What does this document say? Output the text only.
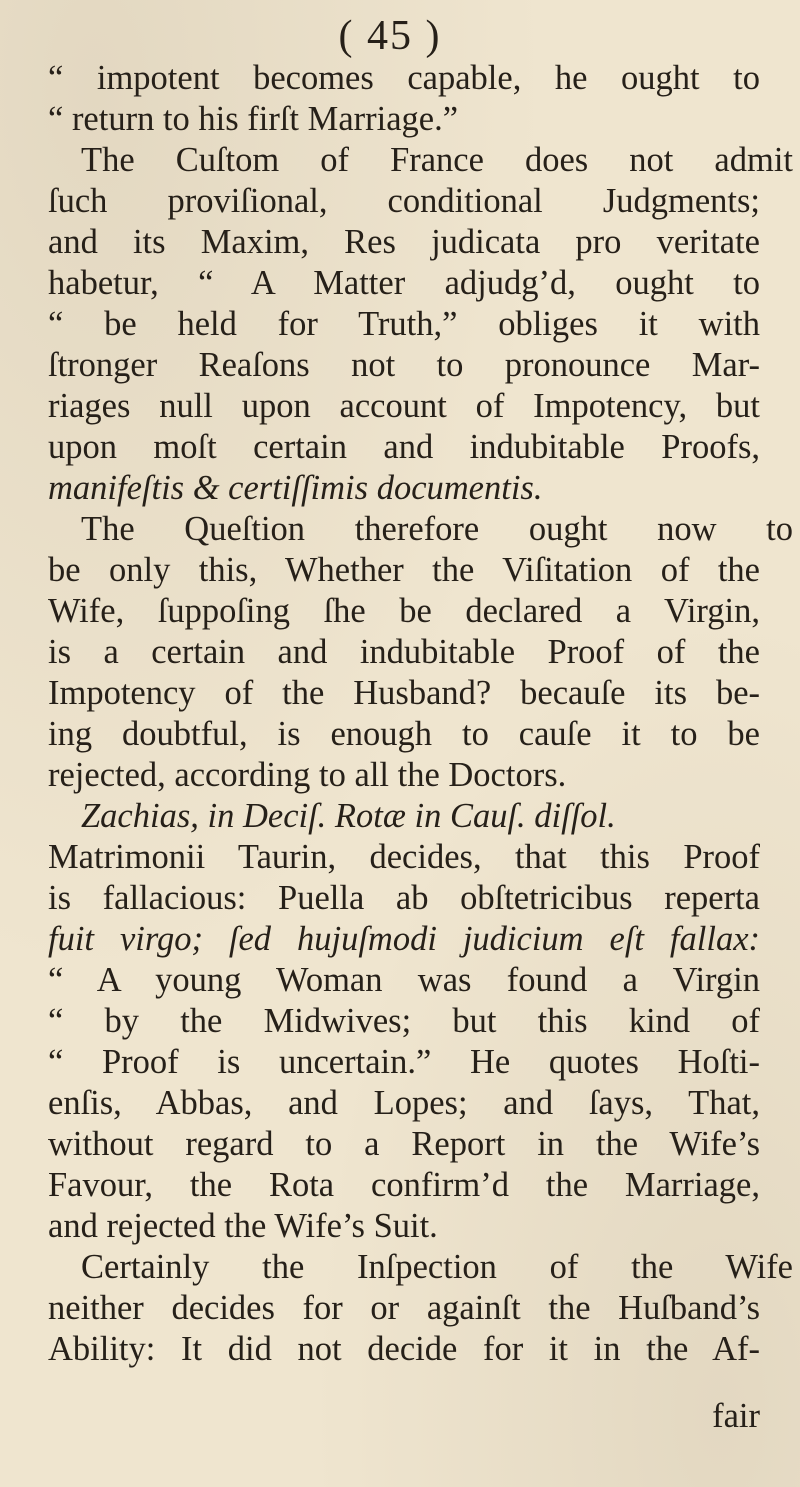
( 45 )
“ impotent becomes capable, he ought to
“ return to his firſt Marriage.”
The Cuſtom of France does not admit
ſuch proviſional, conditional Judgments;
and its Maxim, Res judicata pro veritate
habetur, “ A Matter adjudg’d, ought to
“ be held for Truth,” obliges it with
ſtronger Reaſons not to pronounce Mar-
riages null upon account of Impotency, but
upon moſt certain and indubitable Proofs,
manifeſtis & certiſſimis documentis.
The Queſtion therefore ought now to
be only this, Whether the Viſitation of the
Wife, ſuppoſing ſhe be declared a Virgin,
is a certain and indubitable Proof of the
Impotency of the Husband? becauſe its be-
ing doubtful, is enough to cauſe it to be
rejected, according to all the Doctors.
Zachias, in Deciſ. Rotæ in Cauſ. diſſol.
Matrimonii Taurin, decides, that this Proof
is fallacious: Puella ab obſtetricibus reperta
fuit virgo; ſed hujuſmodi judicium eſt fallax:
“ A young Woman was found a Virgin
“ by the Midwives; but this kind of
“ Proof is uncertain.” He quotes Hoſti-
enſis, Abbas, and Lopes; and ſays, That,
without regard to a Report in the Wife’s
Favour, the Rota confirm’d the Marriage,
and rejected the Wife’s Suit.
Certainly the Inſpection of the Wife
neither decides for or againſt the Huſband’s
Ability: It did not decide for it in the Af-
fair
